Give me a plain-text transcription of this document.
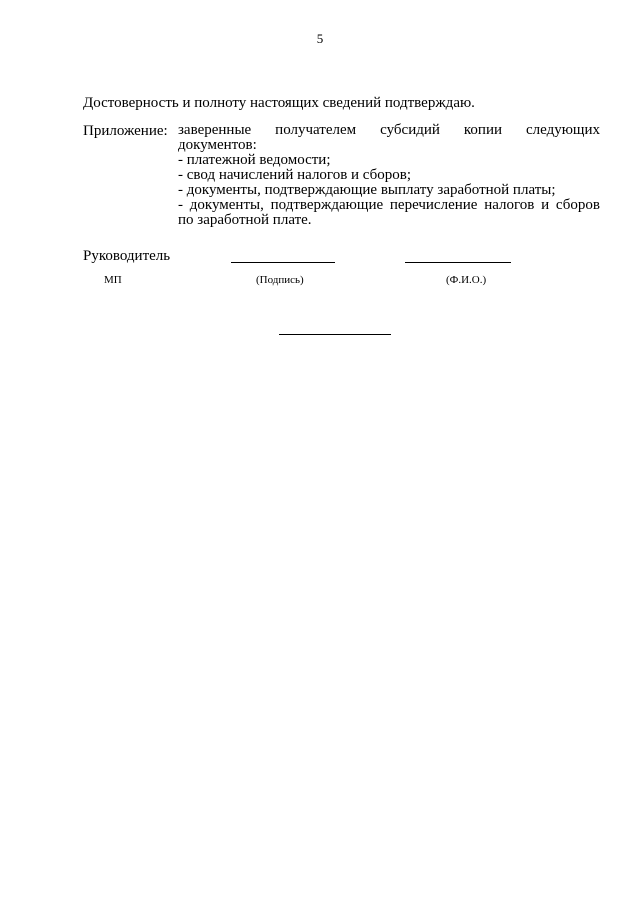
5
Достоверность и полноту настоящих сведений подтверждаю.
Приложение: заверенные получателем субсидий копии следующих
документов:
- платежной ведомости;
- свод начислений налогов и сборов;
- документы, подтверждающие выплату заработной платы;
- документы, подтверждающие перечисление налогов и сборов
по заработной плате.
Руководитель
МП	(Подпись)	(Ф.И.О.)
